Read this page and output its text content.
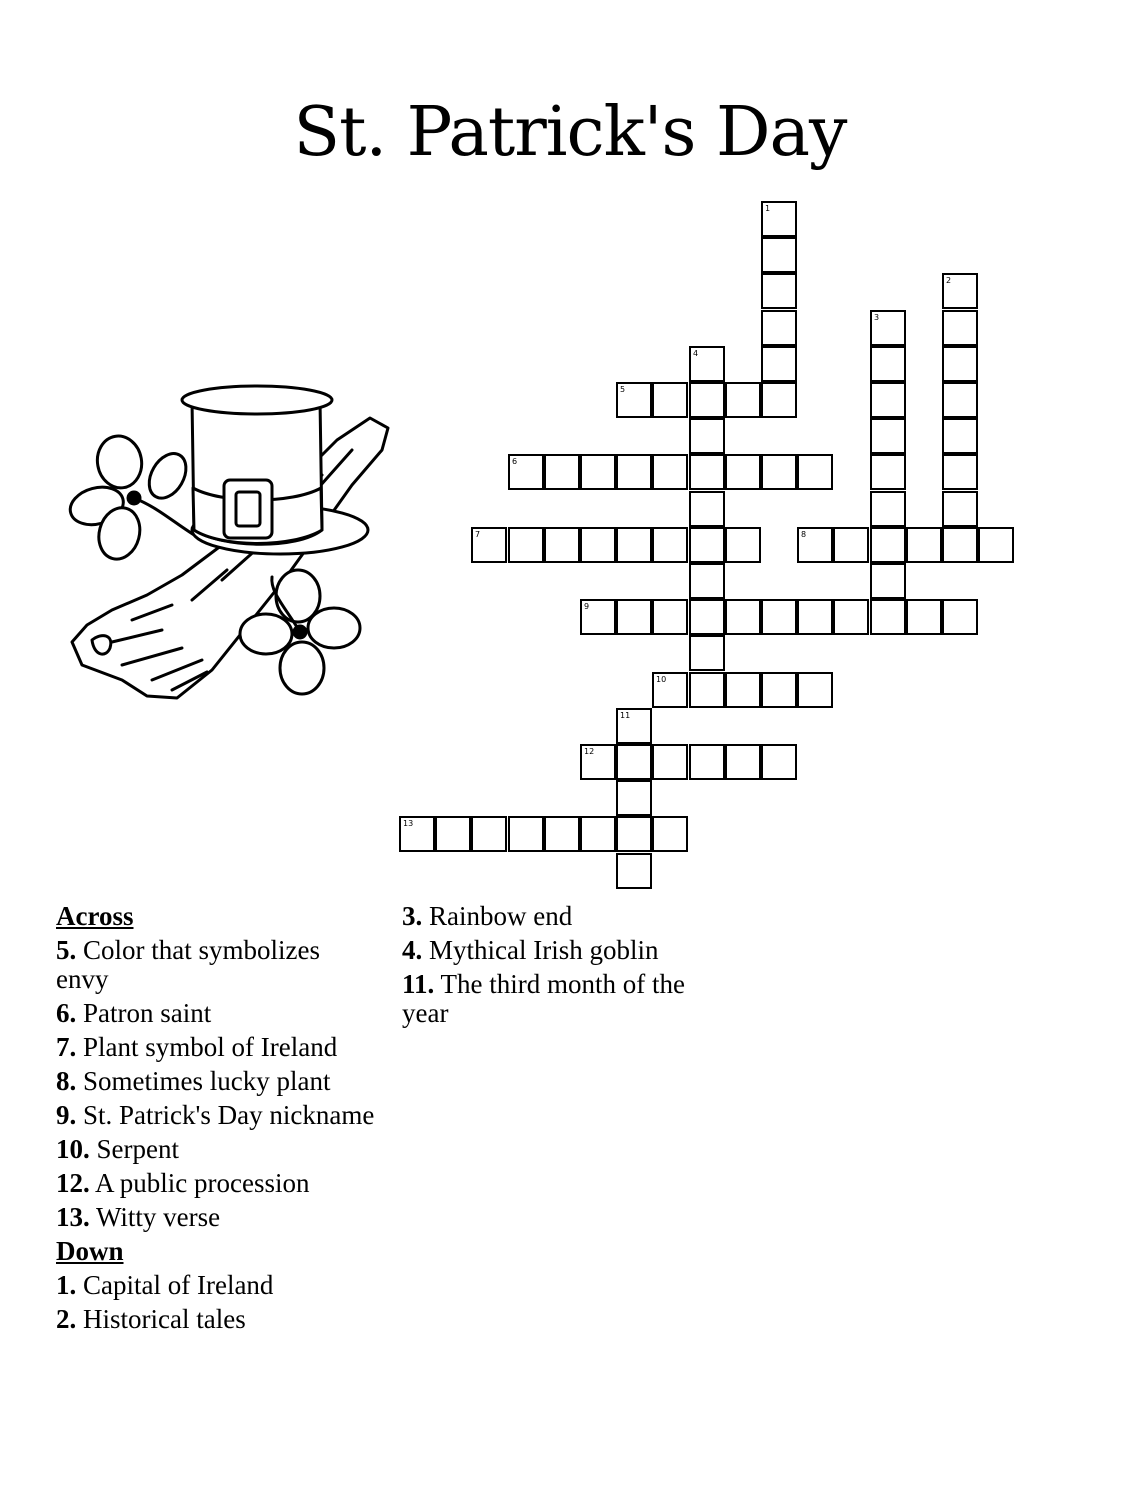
St. Patrick's Day
1
2
3
4
5
6
7	8
9
10
11
12
13
Across
5. Color that symbolizes envy
6. Patron saint
7. Plant symbol of Ireland
8. Sometimes lucky plant
9. St. Patrick's Day nickname
10. Serpent
12. A public procession
13. Witty verse
Down
1. Capital of Ireland
2. Historical tales
3. Rainbow end
4. Mythical Irish goblin
11. The third month of the year
